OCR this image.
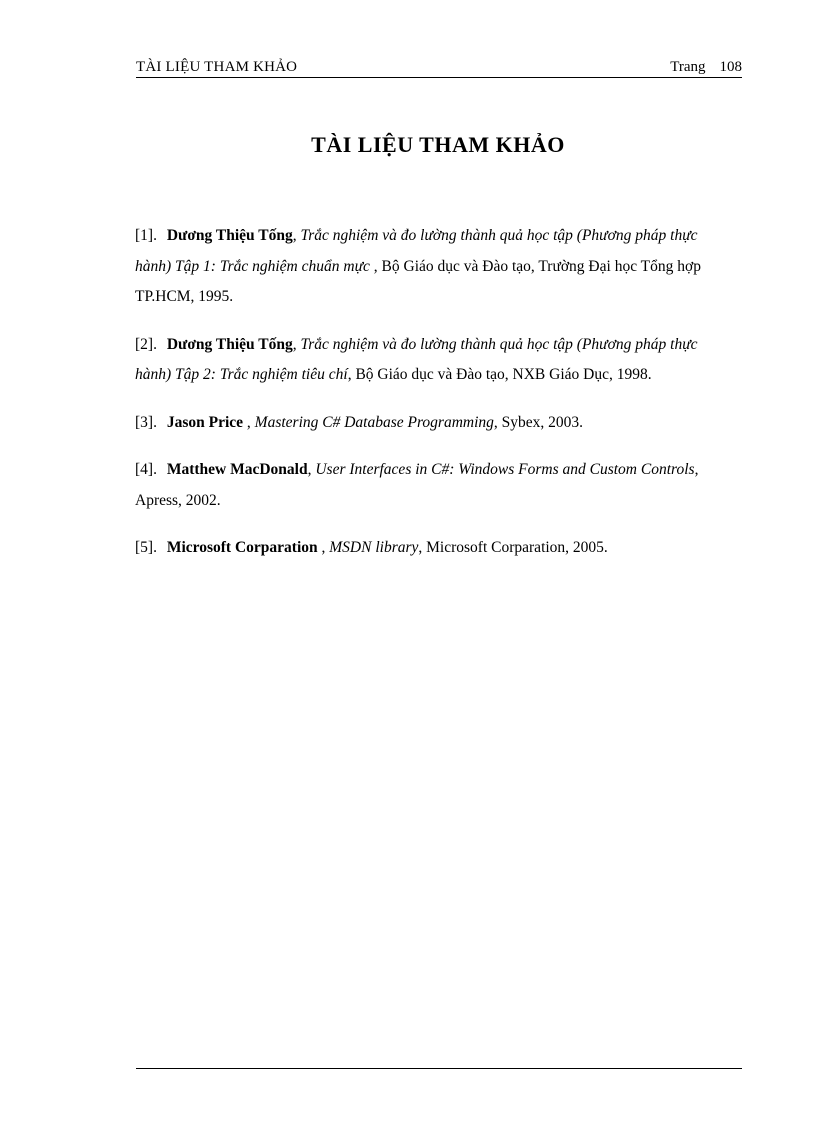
TÀI LIỆU THAM KHẢO	Trang 108
TÀI LIỆU THAM KHẢO

[1]. Dương Thiệu Tống, Trắc nghiệm và đo lường thành quả học tập (Phương pháp thực hành) Tập 1: Trắc nghiệm chuẩn mực , Bộ Giáo dục và Đào tạo, Trường Đại học Tổng hợp TP.HCM, 1995.

[2]. Dương Thiệu Tống, Trắc nghiệm và đo lường thành quả học tập (Phương pháp thực hành) Tập 2: Trắc nghiệm tiêu chí, Bộ Giáo dục và Đào tạo, NXB Giáo Dục, 1998.

[3]. Jason Price , Mastering C# Database Programming, Sybex, 2003.

[4]. Matthew MacDonald, User Interfaces in C#: Windows Forms and Custom Controls, Apress, 2002.

[5]. Microsoft Corparation , MSDN library, Microsoft Corparation, 2005.
